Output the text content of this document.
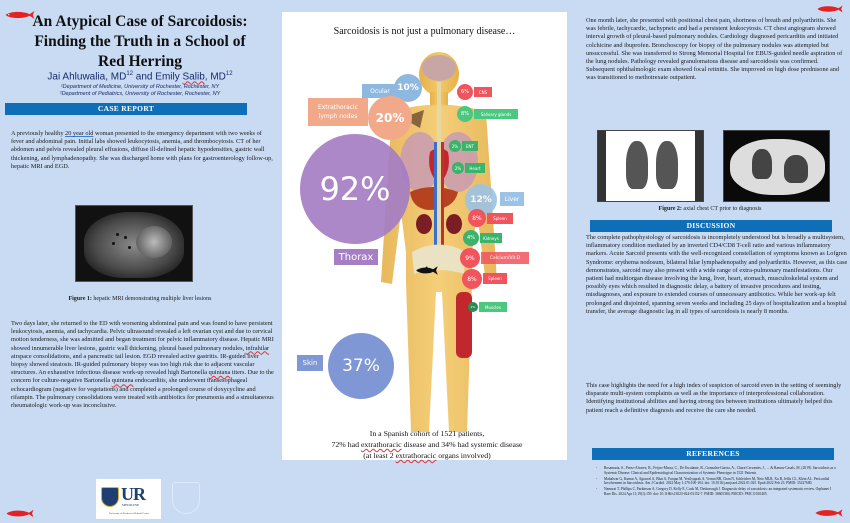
An Atypical Case of Sarcoidosis:
Finding the Truth in a School of
Red Herring
Jai Ahluwalia, MD$^{12}$ and Emily Salib, MD$^{12}$
¹Department of Medicine, University of Rochester, Rochester, NY
²Department of Pediatrics, University of Rochester, Rochester, NY
CASE REPORT
A previously healthy 20 year old woman presented to the emergency department with two weeks of fever and abdominal pain. Initial labs showed leukocytosis, anemia, and thrombocytosis. CT of her abdomen and pelvis revealed pleural effusions, diffuse ill-defined hepatic hypodensities, gastric wall thickening, and lymphadenopathy. She was discharged home with plans for gastroenterology follow-up, hepatic MRI and EGD.
Figure 1: hepatic MRI demonstrating multiple liver lesions
Two days later, she returned to the ED with worsening abdominal pain and was found to have persistent leukocytosis, anemia, and tachycardia. Pelvic ultrasound revealed a left ovarian cyst and due to cervical motion tenderness, she was admitted and began treatment for pelvic inflammatory disease. Hepatic MRI showed innumerable liver lesions, gastric wall thickening, pleural based pulmonary nodules, infrahilar airspace consolidations, and a pancreatic tail lesion. EGD revealed active gastritis. IR-guided liver biopsy showed steatosis. IR-guided pulmonary biopsy was too high risk due to adjacent vascular structures. An exhaustive infectious disease work-up revealed high Bartonella quintana titers. Due to the concern for culture-negative Bartonella quintana endocarditis, she underwent transesophageal echocardiogram (negative for vegetations) and completed a prolonged course of doxycycline and rifampin. The pulmonary consolidations were treated with antibiotics for pneumonia and a simultaneous rheumatologic work-up was inconclusive.
UR
MEDICINE
University of Rochester Medical Center
Sarcoidosis is not just a pulmonary disease…
Ocular 10%
Extrathoracic lymph nodes	20%
92%
Thorax
Skin	37%
6%	CNS
8%	Salivary glands
2%	ENT
2%	Heart
12%	Liver
8%	Spleen
4%	Kidneys
9%	Calcium/Vit.D
8%	Spleen
2%	Muscles
In a Spanish cohort of 1521 patients,
72% had extrathoracic disease and 34% had systemic disease
(at least 2 extrathoracic organs involved)
One month later, she presented with positional chest pain, shortness of breath and polyarthritis. She was febrile, tachycardic, tachypneic and had a persistent leukocytosis. CT chest angiogram showed interval growth of pleural-based pulmonary nodules. Cardiology diagnosed pericarditis and initiated colchicine and ibuprofen. Bronchoscopy for biopsy of the pulmonary nodules was attempted but unsuccessful. She was transferred to Strong Memorial Hospital for EBUS-guided needle aspiration of the lung nodules. Pathology revealed granulomatous disease and sarcoidosis was confirmed. Subsequent ophthalmologic exam showed focal retinitis. She improved on high dose prednisone and was transitioned to methotrexate outpatient.
Figure 2: axial chest CT prior to diagnosis
DISCUSSION
The complete pathophysiology of sarcoidosis is incompletely understood but is broadly a multisystem, inflammatory condition mediated by an inverted CD4/CD8 T-cell ratio and various inflammatory markers. Acute Sarcoid presents with the well-recognized constellation of symptoms known as Lofgren Syndrome: erythema nodosum, bilateral hilar lymphadenopathy and polyarthritis. However, as this case demonstrates, sarcoid may also present with a wide range of extra-pulmonary manifestations. Our patient had multiorgan disease involving the lung, liver, heart, stomach, musculoskeletal system and possibly eyes which resulted in diagnostic delay, a battery of invasive procedures and testing, misdiagnoses, and exposure to extended courses of unnecessary antibiotics. While her work-up felt prolonged and disjointed, spanning seven weeks and including 25 days of hospitalization and a hospital transfer, the average diagnostic lag in all types of sarcoidosis is nearly 8 months.
This case highlights the need for a high index of suspicion of sarcoid even in the setting of seemingly disparate multi-system complaints as well as the importance of interprofessional collaboration. Identifying institutional abilities and having strong ties between institutions ultimately helped this patient reach a definitive diagnosis and receive the care she needed.
REFERENCES
- Rosamaria, S., Perez-Alvarez, R., Feijoo-Massa, C., De Escalante, B., Gonzalez-Garcia, A., Chara-Cervantes, J., ... & Ramos-Casals, M. (2019). Sarcoidosis as a Systemic Disease: Clinical and Epidemiological Characterization of Systemic Phenotype in 1521 Patients.
- Mahalwar G, Kumar A, Agrawal A, Bhat A, Furqan M, Yesilyaprak A, Verma BR, Chan N, Schleicher M, Neto MLR, Xu B, Jellis CL, Klein AL. Pericardial Involvement in Sarcoidosis. Am J Cardiol. 2022 May 1;170:100-104. doi: 10.1016/j.amjcard.2022.01.025. Epub 2022 Feb 23. PMID: 35227680.
- Namsrai T, Phillips C, Parkinson A, Gregory D, Kelly E, Cook M, Desborough J. Diagnostic delay of sarcoidosis: an integrated systematic review. Orphanet J Rare Dis. 2024 Apr 11;19(1):159. doi: 10.1186/s13023-024-03152-7. PMID: 38605384; PMCID: PMC11010405.
